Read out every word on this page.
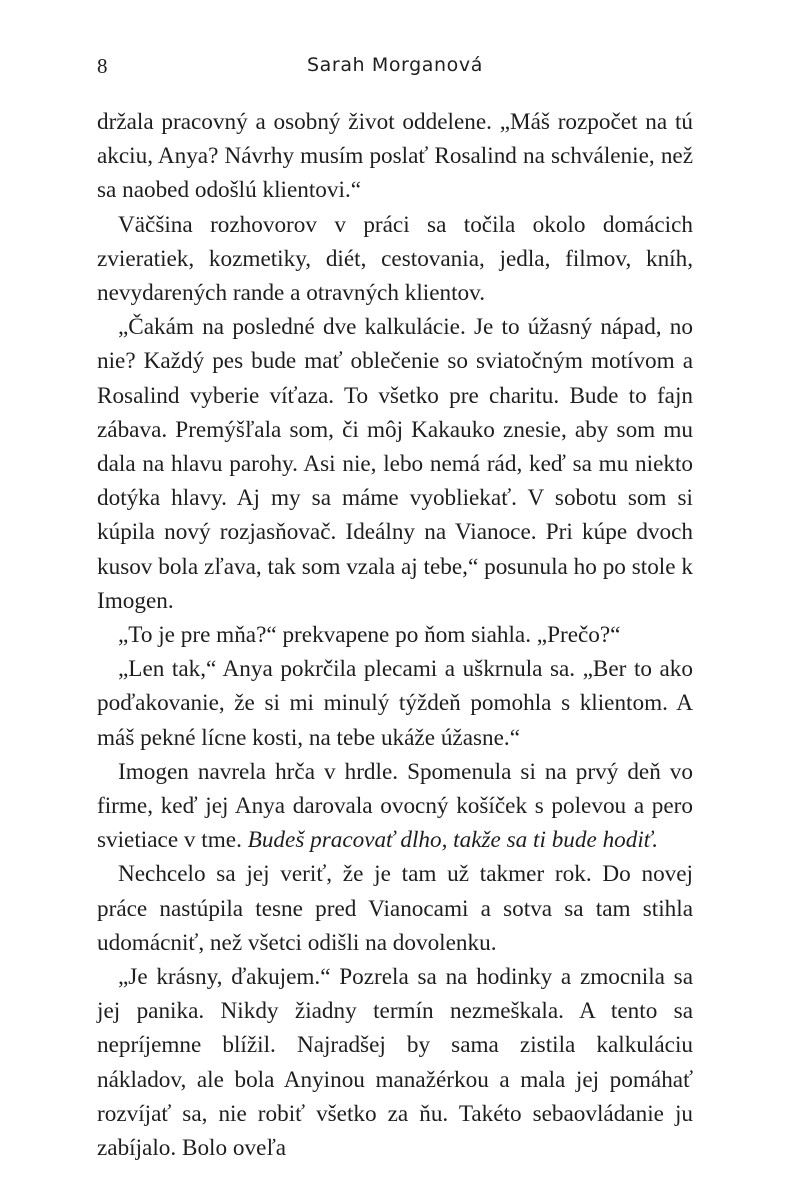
8	Sarah Morganová

držala pracovný a osobný život oddelene. „Máš rozpočet na tú akciu, Anya? Návrhy musím poslať Rosalind na schválenie, než sa naobed odošlú klientovi.“

Väčšina rozhovorov v práci sa točila okolo domácich zvieratiek, kozmetiky, diét, cestovania, jedla, filmov, kníh, nevydarených rande a otravných klientov.

„Čakám na posledné dve kalkulácie. Je to úžasný nápad, no nie? Každý pes bude mať oblečenie so sviatočným motívom a Rosalind vyberie víťaza. To všetko pre charitu. Bude to fajn zábava. Premýšľala som, či môj Kakauko znesie, aby som mu dala na hlavu parohy. Asi nie, lebo nemá rád, keď sa mu niekto dotýka hlavy. Aj my sa máme vyobliekať. V sobotu som si kúpila nový rozjasňovač. Ideálny na Vianoce. Pri kúpe dvoch kusov bola zľava, tak som vzala aj tebe,“ posunula ho po stole k Imogen.

„To je pre mňa?“ prekvapene po ňom siahla. „Prečo?“

„Len tak,“ Anya pokrčila plecami a uškrnula sa. „Ber to ako poďakovanie, že si mi minulý týždeň pomohla s klientom. A máš pekné lícne kosti, na tebe ukáže úžasne.“

Imogen navrela hrča v hrdle. Spomenula si na prvý deň vo firme, keď jej Anya darovala ovocný košíček s polevou a pero svietiace v tme. Budeš pracovať dlho, takže sa ti bude hodiť.

Nechcelo sa jej veriť, že je tam už takmer rok. Do novej práce nastúpila tesne pred Vianocami a sotva sa tam stihla udomácniť, než všetci odišli na dovolenku.

„Je krásny, ďakujem.“ Pozrela sa na hodinky a zmocnila sa jej panika. Nikdy žiadny termín nezmeškala. A tento sa nepríjemne blížil. Najradšej by sama zistila kalkuláciu nákladov, ale bola Anyinou manažérkou a mala jej pomáhať rozvíjať sa, nie robiť všetko za ňu. Takéto sebaovládanie ju zabíjalo. Bolo oveľa
